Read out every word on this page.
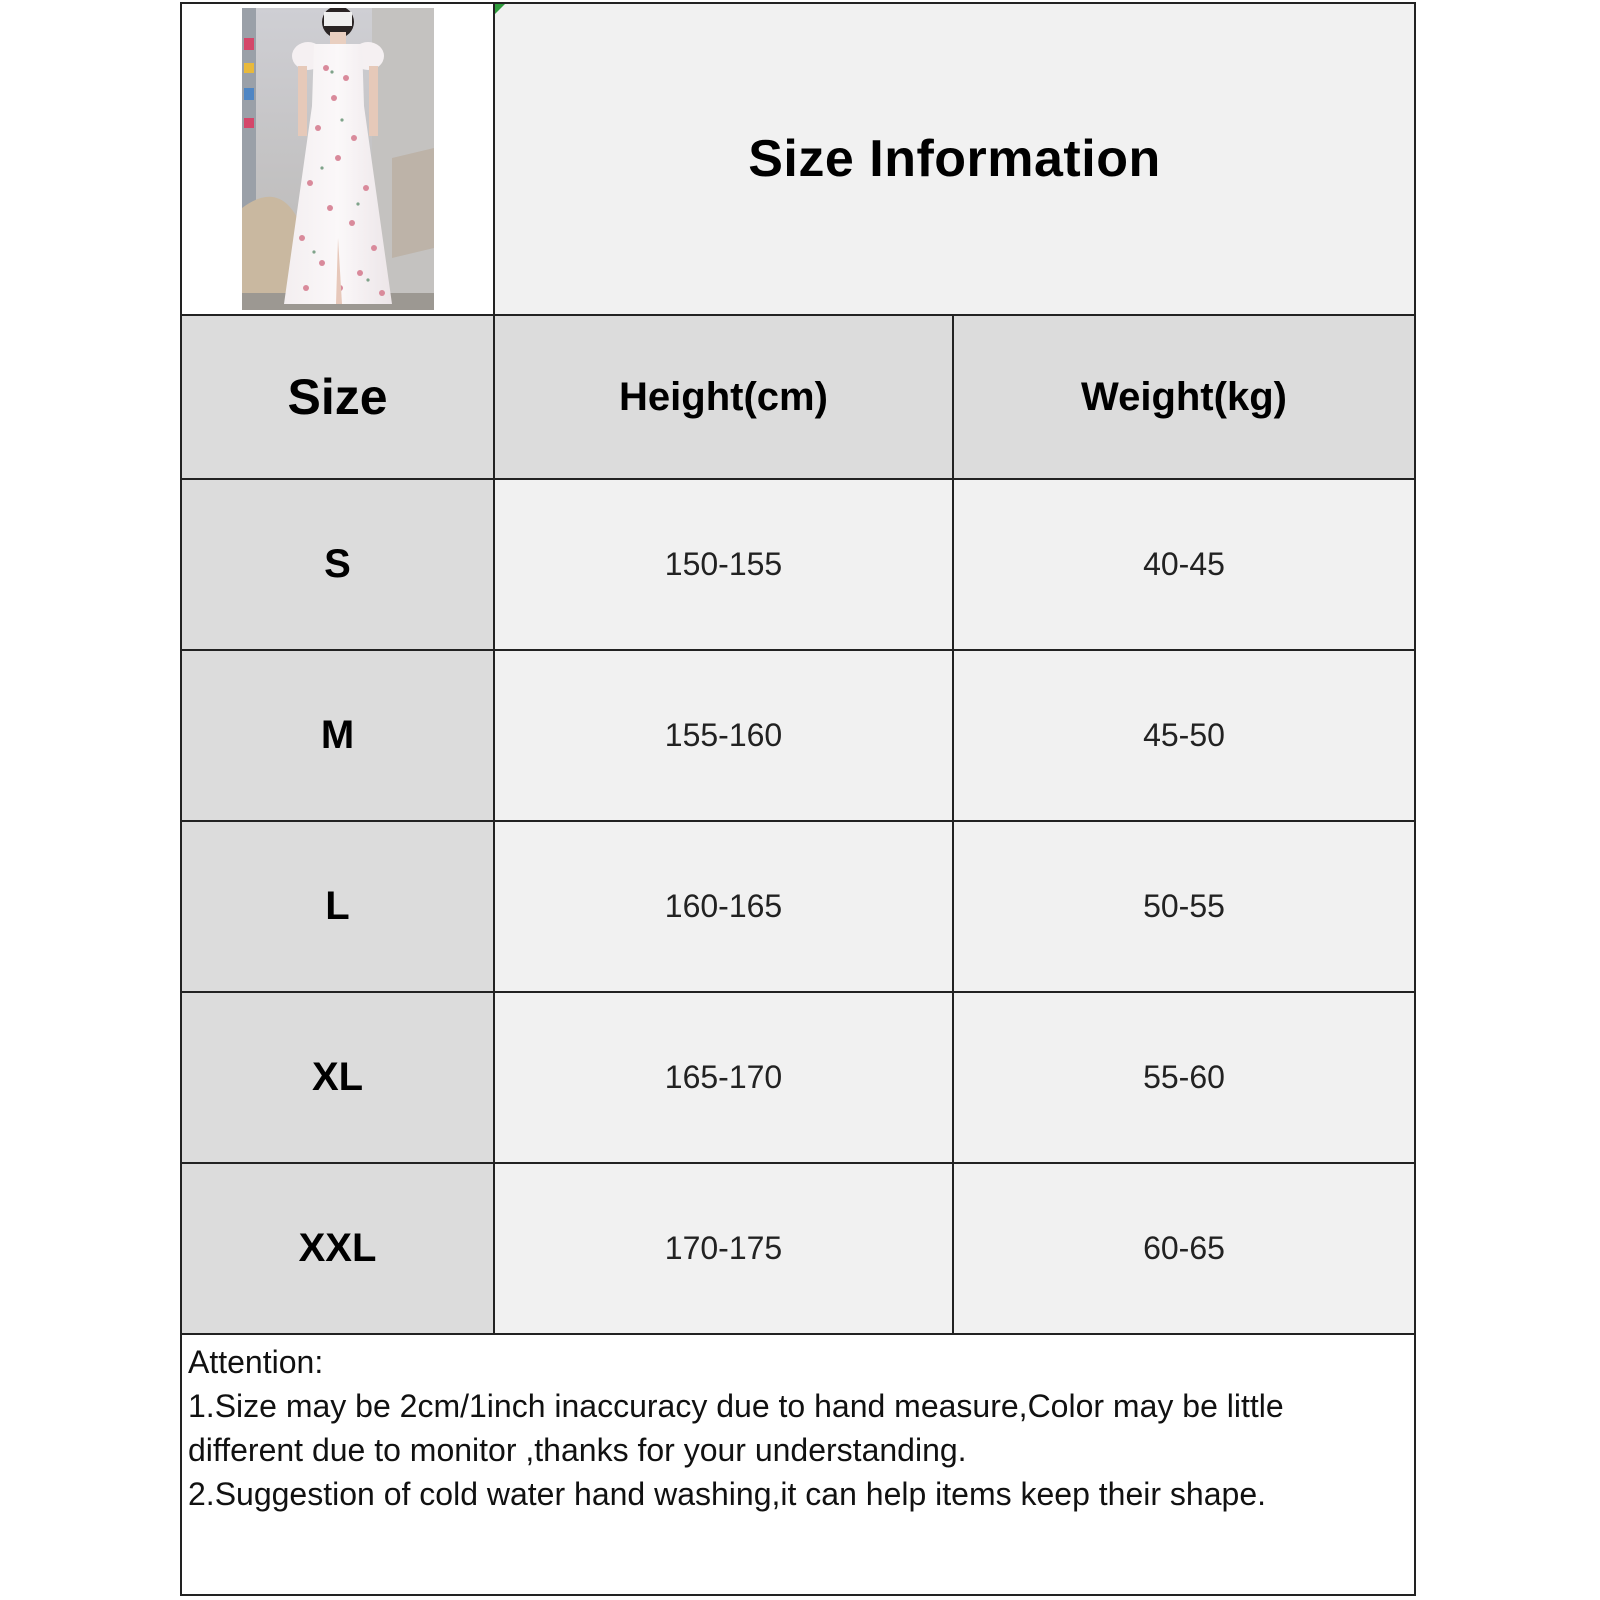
Size Information
Size	Height(cm)	Weight(kg)
S	150-155	40-45
M	155-160	45-50
L	160-165	50-55
XL	165-170	55-60
XXL	170-175	60-65

Attention:

1.Size may be 2cm/1inch inaccuracy due to hand measure,Color may be little different due to monitor ,thanks for your understanding.

2.Suggestion of cold water hand washing,it can help items keep their shape.
